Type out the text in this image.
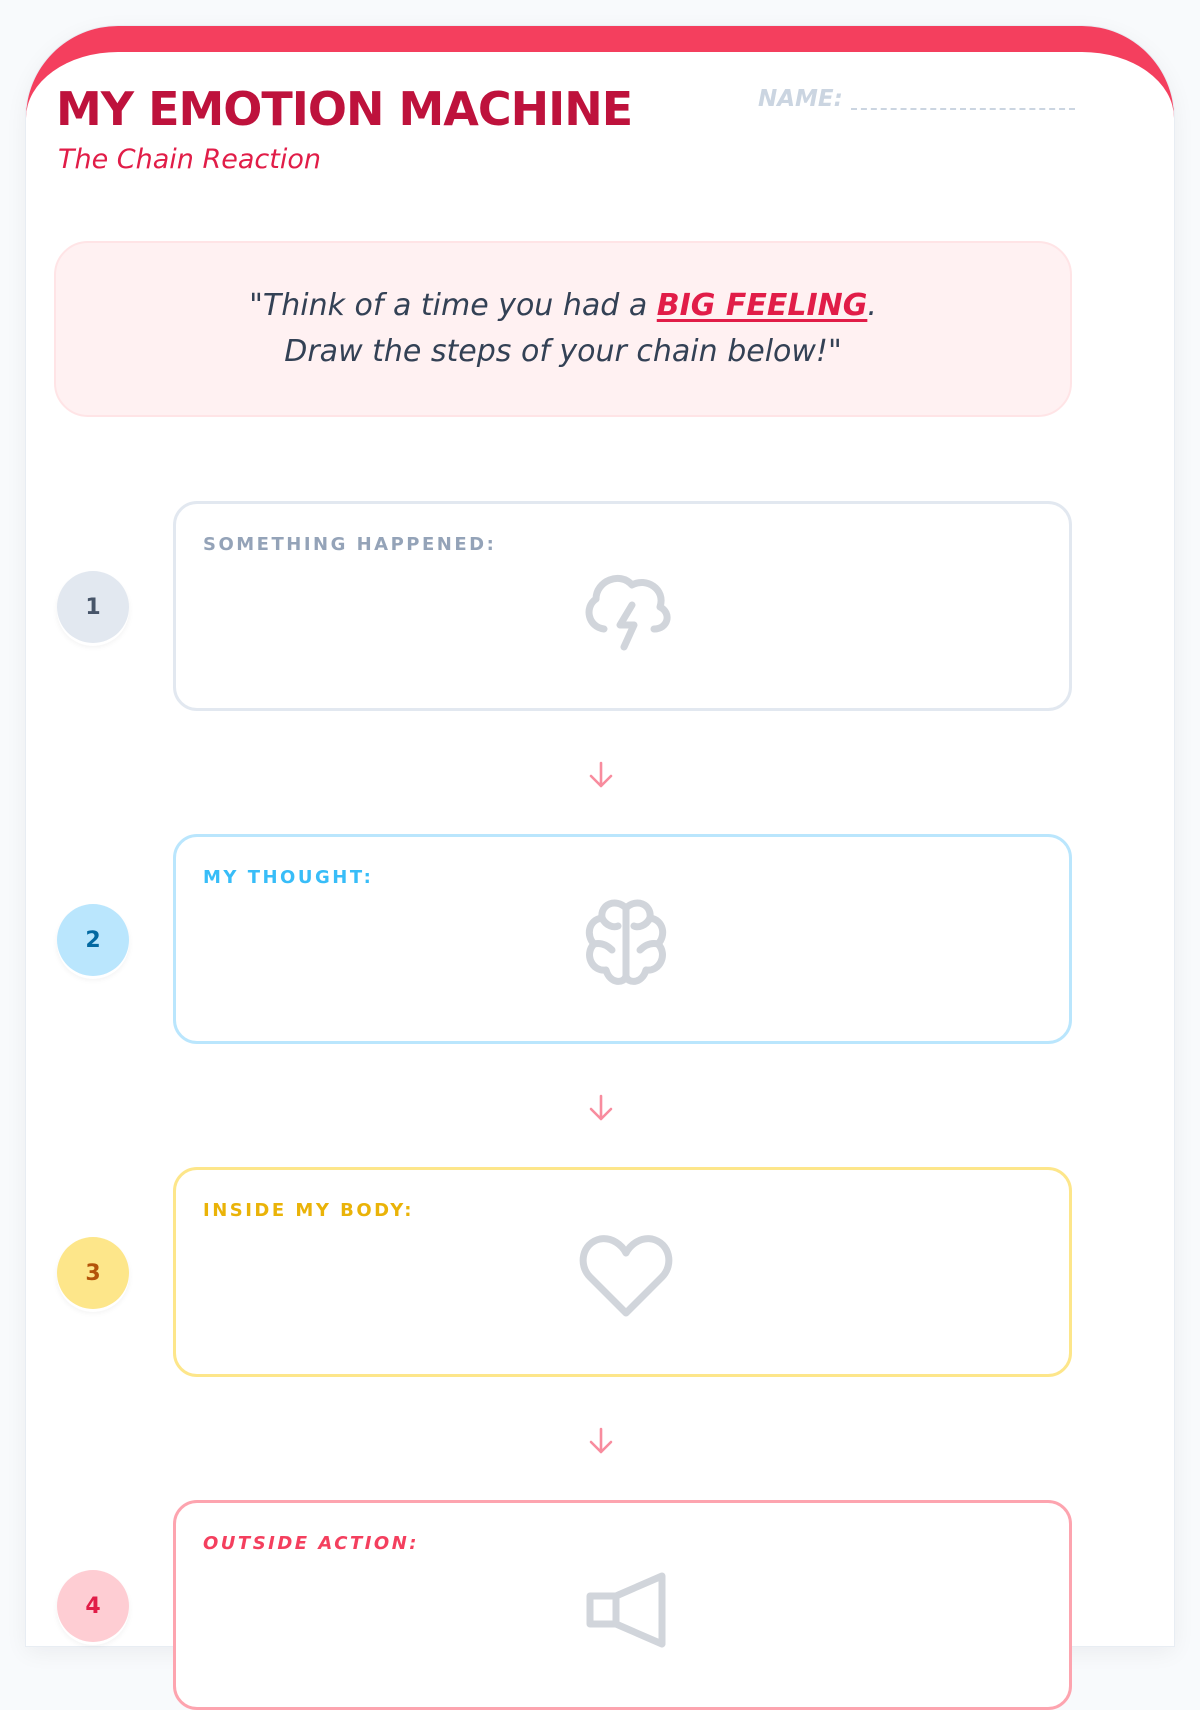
MY EMOTION MACHINE
The Chain Reaction
NAME:
"Think of a time you had a BIG FEELING.
Draw the steps of your chain below!"
1
SOMETHING HAPPENED:
2
MY THOUGHT:
3
INSIDE MY BODY:
4
OUTSIDE ACTION:
